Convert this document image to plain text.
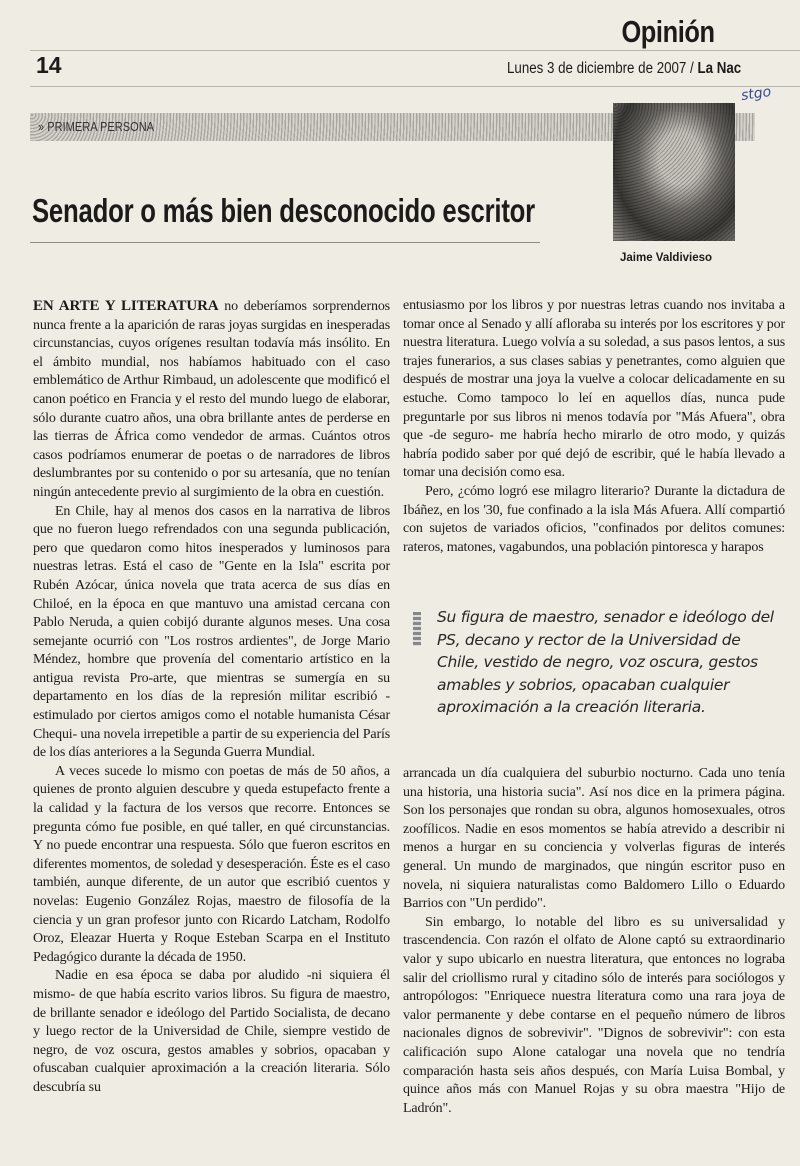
Opinión
14	Lunes 3 de diciembre de 2007 / La Nac
stgo
» PRIMERA PERSONA
Jaime Valdivieso
Senador o más bien desconocido escritor

EN ARTE Y LITERATURA no deberíamos sorprendernos nunca frente a la aparición de raras joyas surgidas en inesperadas circunstancias, cuyos orígenes resultan todavía más insólito. En el ámbito mundial, nos habíamos habituado con el caso emblemático de Arthur Rimbaud, un adolescente que modificó el canon poético en Francia y el resto del mundo luego de elaborar, sólo durante cuatro años, una obra brillante antes de perderse en las tierras de África como vendedor de armas. Cuántos otros casos podríamos enumerar de poetas o de narradores de libros deslumbrantes por su contenido o por su artesanía, que no tenían ningún antecedente previo al surgimiento de la obra en cuestión.

En Chile, hay al menos dos casos en la narrativa de libros que no fueron luego refrendados con una segunda publicación, pero que quedaron como hitos inesperados y luminosos para nuestras letras. Está el caso de "Gente en la Isla" escrita por Rubén Azócar, única novela que trata acerca de sus días en Chiloé, en la época en que mantuvo una amistad cercana con Pablo Neruda, a quien cobijó durante algunos meses. Una cosa semejante ocurrió con "Los rostros ardientes", de Jorge Mario Méndez, hombre que provenía del comentario artístico en la antigua revista Pro-arte, que mientras se sumergía en su departamento en los días de la represión militar escribió -estimulado por ciertos amigos como el notable humanista César Chequi- una novela irrepetible a partir de su experiencia del París de los días anteriores a la Segunda Guerra Mundial.

A veces sucede lo mismo con poetas de más de 50 años, a quienes de pronto alguien descubre y queda estupefacto frente a la calidad y la factura de los versos que recorre. Entonces se pregunta cómo fue posible, en qué taller, en qué circunstancias. Y no puede encontrar una respuesta. Sólo que fueron escritos en diferentes momentos, de soledad y desesperación. Éste es el caso también, aunque diferente, de un autor que escribió cuentos y novelas: Eugenio González Rojas, maestro de filosofía de la ciencia y un gran profesor junto con Ricardo Latcham, Rodolfo Oroz, Eleazar Huerta y Roque Esteban Scarpa en el Instituto Pedagógico durante la década de 1950.

Nadie en esa época se daba por aludido -ni siquiera él mismo- de que había escrito varios libros. Su figura de maestro, de brillante senador e ideólogo del Partido Socialista, de decano y luego rector de la Universidad de Chile, siempre vestido de negro, de voz oscura, gestos amables y sobrios, opacaban y ofuscaban cualquier aproximación a la creación literaria. Sólo descubría su

entusiasmo por los libros y por nuestras letras cuando nos invitaba a tomar once al Senado y allí afloraba su interés por los escritores y por nuestra literatura. Luego volvía a su soledad, a sus pasos lentos, a sus trajes funerarios, a sus clases sabias y penetrantes, como alguien que después de mostrar una joya la vuelve a colocar delicadamente en su estuche. Como tampoco lo leí en aquellos días, nunca pude preguntarle por sus libros ni menos todavía por "Más Afuera", obra que -de seguro- me habría hecho mirarlo de otro modo, y quizás habría podido saber por qué dejó de escribir, qué le había llevado a tomar una decisión como esa.

Pero, ¿cómo logró ese milagro literario? Durante la dictadura de Ibáñez, en los '30, fue confinado a la isla Más Afuera. Allí compartió con sujetos de variados oficios, "confinados por delitos comunes: rateros, matones, vagabundos, una población pintoresca y harapos

Su figura de maestro, senador e ideólogo del PS, decano y rector de la Universidad de Chile, vestido de negro, voz oscura, gestos amables y sobrios, opacaban cualquier aproximación a la creación literaria.

arrancada un día cualquiera del suburbio nocturno. Cada uno tenía una historia, una historia sucia". Así nos dice en la primera página. Son los personajes que rondan su obra, algunos homosexuales, otros zoofílicos. Nadie en esos momentos se había atrevido a describir ni menos a hurgar en su conciencia y volverlas figuras de interés general. Un mundo de marginados, que ningún escritor puso en novela, ni siquiera naturalistas como Baldomero Lillo o Eduardo Barrios con "Un perdido".

Sin embargo, lo notable del libro es su universalidad y trascendencia. Con razón el olfato de Alone captó su extraordinario valor y supo ubicarlo en nuestra literatura, que entonces no lograba salir del criollismo rural y citadino sólo de interés para sociólogos y antropólogos: "Enriquece nuestra literatura como una rara joya de valor permanente y debe contarse en el pequeño número de libros nacionales dignos de sobrevivir". "Dignos de sobrevivir": con esta calificación supo Alone catalogar una novela que no tendría comparación hasta seis años después, con María Luisa Bombal, y quince años más con Manuel Rojas y su obra maestra "Hijo de Ladrón".
